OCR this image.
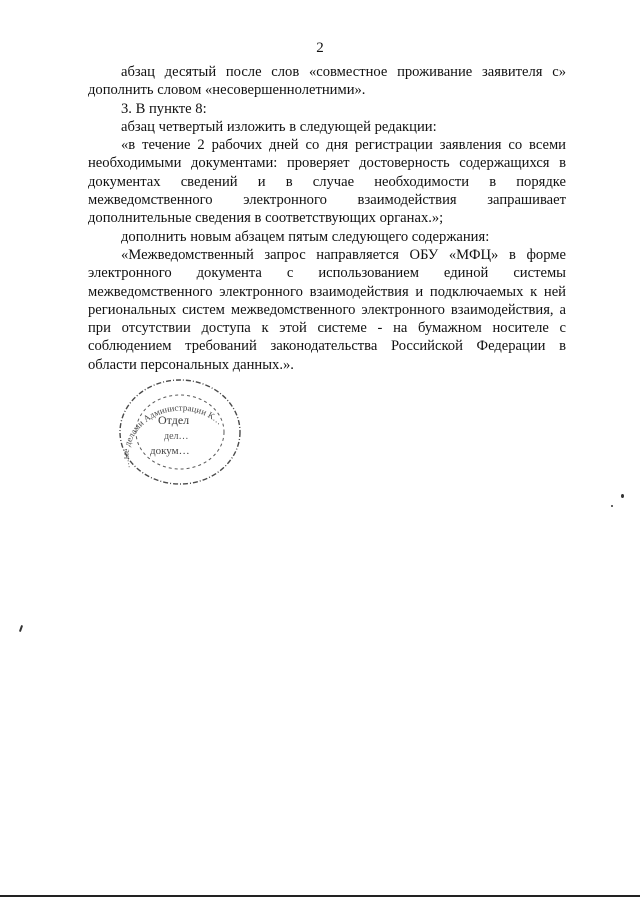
2

абзац десятый после слов «совместное проживание заявителя с» дополнить словом «несовершеннолетними».

3. В пункте 8:

абзац четвертый изложить в следующей редакции:

«в течение 2 рабочих дней со дня регистрации заявления со всеми необходимыми документами: проверяет достоверность содержащихся в документах сведений и в случае необходимости в порядке межведомственного электронного взаимодействия запрашивает дополнительные сведения в соответствующих органах.»;

дополнить новым абзацем пятым следующего содержания:

«Межведомственный запрос направляется ОБУ «МФЦ» в форме электронного документа с использованием единой системы межведомственного электронного взаимодействия и подключаемых к ней региональных систем межведомственного электронного взаимодействия, а при отсутствии доступа к этой системе - на бумажном носителе с соблюдением требований законодательства Российской Федерации в области персональных данных.».

…ые делами Администрации К…
Отдел
дел…
докум…
